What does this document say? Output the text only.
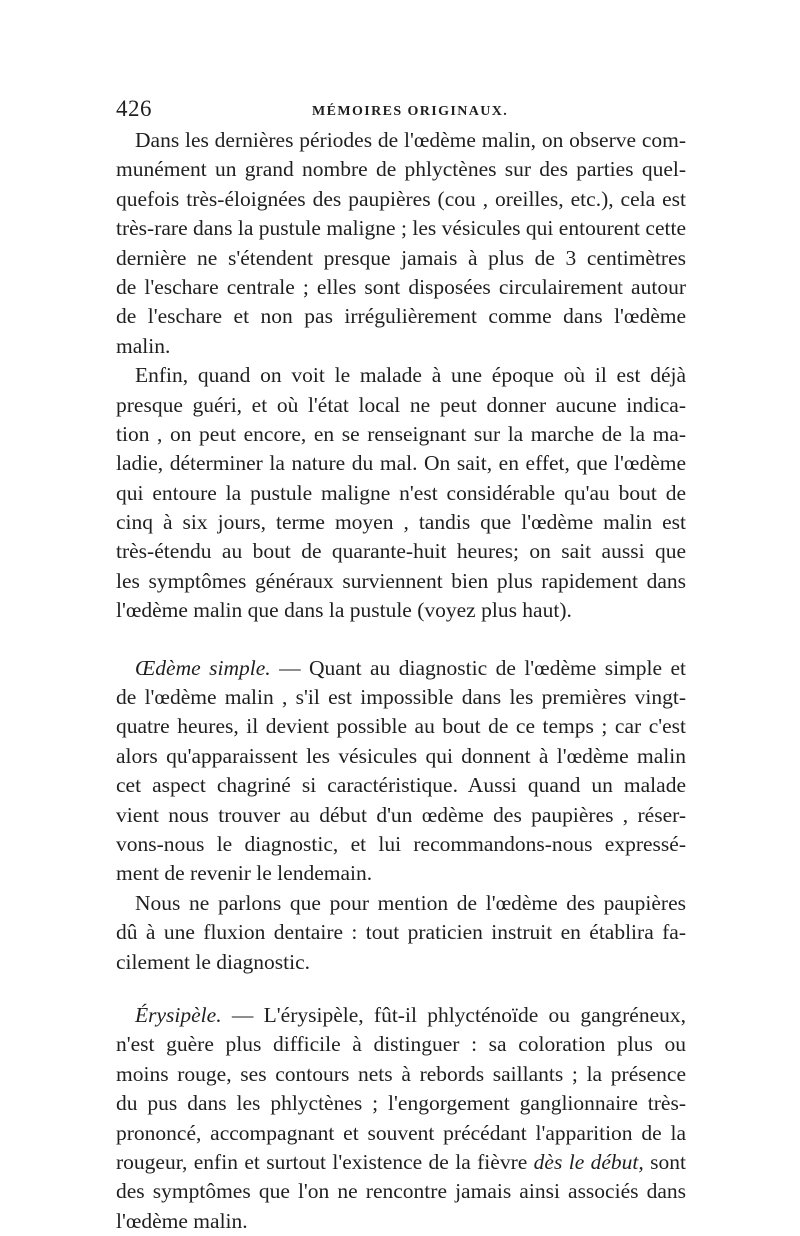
426	MÉMOIRES ORIGINAUX.
Dans les dernières périodes de l'œdème malin, on observe com-
munément un grand nombre de phlyctènes sur des parties quel-
quefois très-éloignées des paupières (cou , oreilles, etc.), cela est
très-rare dans la pustule maligne ; les vésicules qui entourent cette
dernière ne s'étendent presque jamais à plus de 3 centimètres
de l'eschare centrale ; elles sont disposées circulairement autour
de l'eschare et non pas irrégulièrement comme dans l'œdème
malin.
Enfin, quand on voit le malade à une époque où il est déjà
presque guéri, et où l'état local ne peut donner aucune indica-
tion , on peut encore, en se renseignant sur la marche de la ma-
ladie, déterminer la nature du mal. On sait, en effet, que l'œdème
qui entoure la pustule maligne n'est considérable qu'au bout de
cinq à six jours, terme moyen , tandis que l'œdème malin est
très-étendu au bout de quarante-huit heures; on sait aussi que
les symptômes généraux surviennent bien plus rapidement dans
l'œdème malin que dans la pustule (voyez plus haut).
Œdème simple. — Quant au diagnostic de l'œdème simple et
de l'œdème malin , s'il est impossible dans les premières vingt-
quatre heures, il devient possible au bout de ce temps ; car c'est
alors qu'apparaissent les vésicules qui donnent à l'œdème malin
cet aspect chagriné si caractéristique. Aussi quand un malade
vient nous trouver au début d'un œdème des paupières , réser-
vons-nous le diagnostic, et lui recommandons-nous expressé-
ment de revenir le lendemain.
Nous ne parlons que pour mention de l'œdème des paupières
dû à une fluxion dentaire : tout praticien instruit en établira fa-
cilement le diagnostic.
Érysipèle. — L'érysipèle, fût-il phlycténoïde ou gangréneux,
n'est guère plus difficile à distinguer : sa coloration plus ou
moins rouge, ses contours nets à rebords saillants ; la présence
du pus dans les phlyctènes ; l'engorgement ganglionnaire très-
prononcé, accompagnant et souvent précédant l'apparition de la
rougeur, enfin et surtout l'existence de la fièvre dès le début, sont
des symptômes que l'on ne rencontre jamais ainsi associés dans
l'œdème malin.
